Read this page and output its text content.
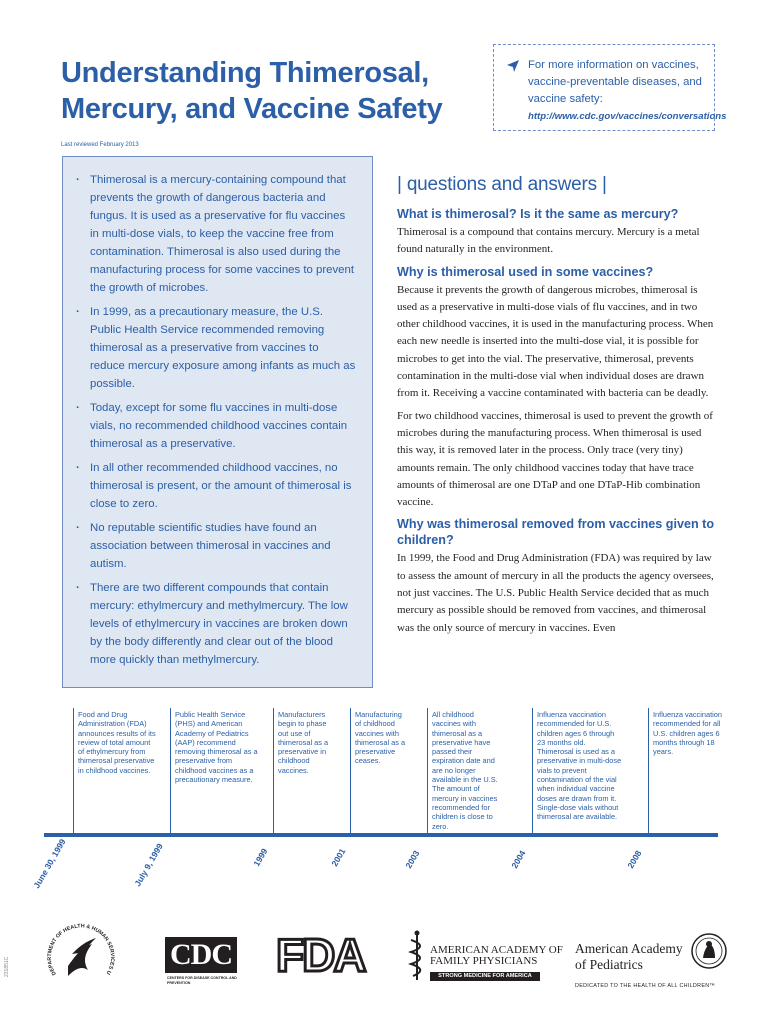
Understanding Thimerosal,
Mercury, and Vaccine Safety
Last reviewed February 2013
For more information on vaccines,
vaccine-preventable diseases, and
vaccine safety:
http://www.cdc.gov/vaccines/conversations
· Thimerosal is a mercury-containing compound that prevents the growth of dangerous bacteria and fungus. It is used as a preservative for flu vaccines in multi-dose vials, to keep the vaccine free from contamination. Thimerosal is also used during the manufacturing process for some vaccines to prevent the growth of microbes.
· In 1999, as a precautionary measure, the U.S. Public Health Service recommended removing thimerosal as a preservative from vaccines to reduce mercury exposure among infants as much as possible.
· Today, except for some flu vaccines in multi-dose vials, no recommended childhood vaccines contain thimerosal as a preservative.
· In all other recommended childhood vaccines, no thimerosal is present, or the amount of thimerosal is close to zero.
· No reputable scientific studies have found an association between thimerosal in vaccines and autism.
· There are two different compounds that contain mercury: ethylmercury and methylmercury. The low levels of ethylmercury in vaccines are broken down by the body differently and clear out of the blood more quickly than methylmercury.
| questions and answers |
What is thimerosal? Is it the same as mercury?

Thimerosal is a compound that contains mercury. Mercury is a metal found naturally in the environment.

Why is thimerosal used in some vaccines?

Because it prevents the growth of dangerous microbes, thimerosal is used as a preservative in multi-dose vials of flu vaccines, and in two other childhood vaccines, it is used in the manufacturing process. When each new needle is inserted into the multi-dose vial, it is possible for microbes to get into the vial. The preservative, thimerosal, prevents contamination in the multi-dose vial when individual doses are drawn from it. Receiving a vaccine contaminated with bacteria can be deadly.

For two childhood vaccines, thimerosal is used to prevent the growth of microbes during the manufacturing process. When thimerosal is used this way, it is removed later in the process. Only trace (very tiny) amounts remain. The only childhood vaccines today that have trace amounts of thimerosal are one DTaP and one DTaP-Hib combination vaccine.

Why was thimerosal removed from vaccines given to children?

In 1999, the Food and Drug Administration (FDA) was required by law to assess the amount of mercury in all the products the agency oversees, not just vaccines. The U.S. Public Health Service decided that as much mercury as possible should be removed from vaccines, and thimerosal was the only source of mercury in vaccines. Even

Food and Drug Administration (FDA) announces results of its review of total amount of ethylmercury from thimerosal preservative in childhood vaccines.
June 30, 1999
Public Health Service (PHS) and American Academy of Pediatrics (AAP) recommend removing thimerosal as a preservative from childhood vaccines as a precautionary measure.
July 9, 1999
Manufacturers begin to phase out use of thimerosal as a preservative in childhood vaccines.
1999
Manufacturing of childhood vaccines with thimerosal as a preservative ceases.
2001
All childhood vaccines with thimerosal as a preservative have passed their expiration date and are no longer available in the U.S. The amount of mercury in vaccines recommended for children is close to zero.
2003
Influenza vaccination recommended for U.S. children ages 6 through 23 months old. Thimerosal is used as a preservative in multi-dose vials to prevent contamination of the vial when individual vaccine doses are drawn from it. Single-dose vials without thimerosal are available.
2004
Influenza vaccination recommended for all U.S. children ages 6 months through 18 years.
2008
DEPARTMENT OF HEALTH & HUMAN SERVICES U
CDC
CENTERS FOR DISEASE CONTROL AND PREVENTION
FDA	AMERICAN ACADEMY OF
FAMILY PHYSICIANS
STRONG MEDICINE FOR AMERICA
American Academy
of Pediatrics
DEDICATED TO THE HEALTH OF ALL CHILDREN™
231851C
